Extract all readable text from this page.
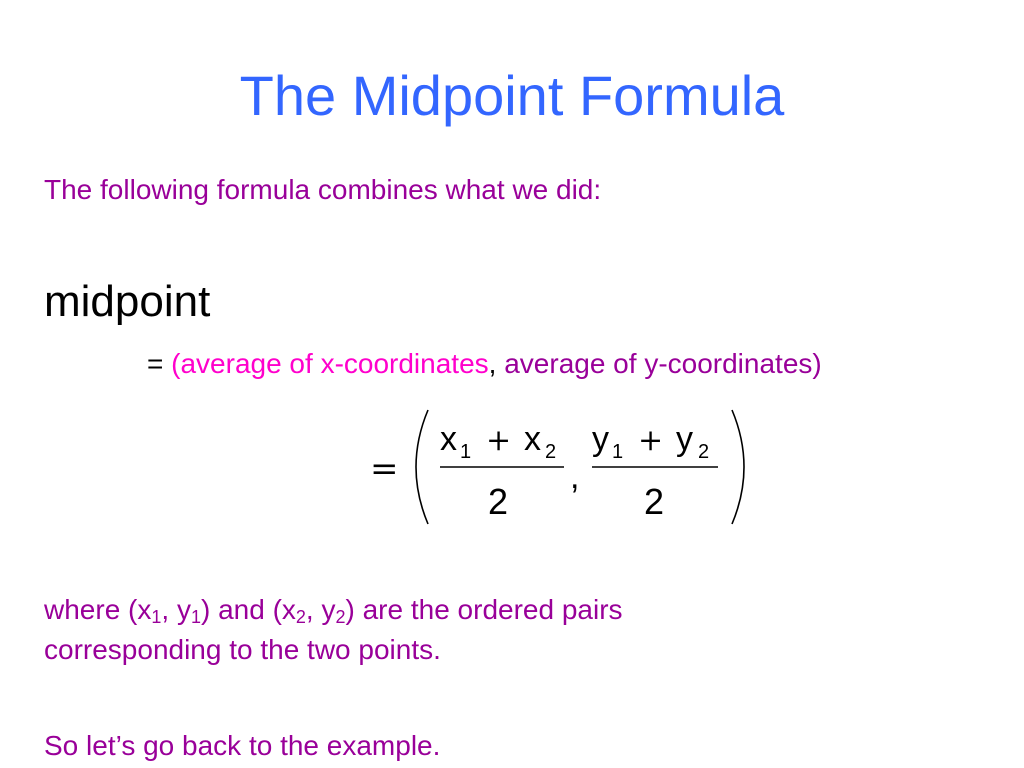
The Midpoint Formula
The following formula combines what we did:
midpoint
= (average of x-coordinates, average of y-coordinates)
=
x 1 + x 2
2
,
y 1 + y 2
2
where ($x_1$, $y_1$) and ($x_2$, $y_2$) are the ordered pairs
corresponding to the two points.
So let’s go back to the example.
